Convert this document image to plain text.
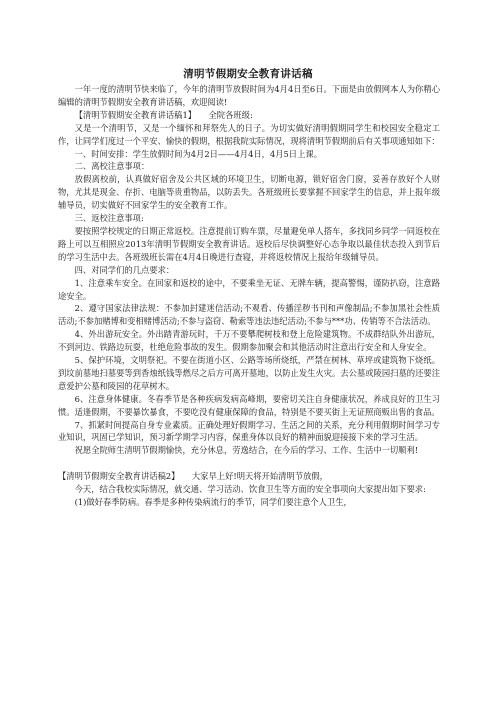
清明节假期安全教育讲话稿

一年一度的清明节快来临了，今年的清明节放假时间为4月4日至6日。下面是由放假网本人为你精心编辑的清明节假期安全教育讲话稿，欢迎阅读!

【清明节假期安全教育讲话稿1】　　全院各班级:

又是一个清明节，又是一个缅怀和拜祭先人的日子。为切实做好清明假期同学生和校园安全稳定工作，让同学们度过一个平安、愉快的假期，根据我院实际情况，现将清明节假期前后有关事项通知如下：

一、时间安排：学生放假时间为4月2日——4月4日，4月5日上课。

二、离校注意事项：

放假离校前，认真做好宿舍及公共区域的环境卫生，切断电源，锁好宿舍门窗，妥善存放好个人财物，尤其是现金、存折、电脑等贵重物品，以防丢失。各班级班长要掌握不回家学生的信息，并上报年级辅导员，切实做好不回家学生的安全教育工作。

三、返校注意事项:

要按照学校规定的日期正常返校。注意提前订购车票，尽量避免单人搭车，多找同乡同学一同返校在路上可以互相照应2013年清明节假期安全教育讲话。返校后尽快调整好心态争取以最佳状态投入到节后的学习生活中去。各班级班长需在4月4日晚进行查寝，并将返校情况上报给年级辅导员。

四、对同学们的几点要求：

1、注意乘车安全。在回家和返校的途中，不要乘坐无证、无牌车辆，提高警惕，谨防扒窃，注意路途安全。

2、遵守国家法律法规：不参加封建迷信活动;不观看、传播淫秽书刊和声像制品;不参加黑社会性质活动;不参加赌博和变相赌博活动;不参与盗窃、勒索等违法违纪活动;不参与***功、传销等不合法活动。

4、外出游玩安全。外出踏青游玩时，千万不要攀爬树枝和登上危险建筑物。不成群结队外出游玩，不到河边、铁路边玩耍，杜绝危险事故的发生。假期参加聚会和其他活动时注意出行安全和人身安全。

5、保护环境，文明祭祀。不要在街道小区、公路等场所烧纸，严禁在树林、草坪或建筑物下烧纸。到坟前墓地扫墓要等到香烛纸钱等燃尽之后方可离开墓地，以防止发生火灾。去公墓或陵园扫墓的还要注意爱护公墓和陵园的花草树木。

6、注意身体健康。冬春季节是各种疾病发病高峰期，要密切关注自身健康状况，养成良好的卫生习惯。适逢假期，不要暴饮暴食，不要吃没有健康保障的食品，特别是不要买街上无证照商贩出售的食品。

7、抓紧时间提高自身专业素质。正确处理好假期学习、生活之间的关系，充分利用假期时间学习专业知识，巩固已学知识，预习新学期学习内容，保重身体以良好的精神面貌迎接接下来的学习生活。

祝愿全院师生清明节假期愉快，充分休息，劳逸结合，在今后的学习、工作、生活中一切顺利!

【清明节假期安全教育讲话稿2】　　大家早上好!明天将开始清明节放假，

今天，结合我校实际情况，就交通、学习活动、饮食卫生等方面的安全事项向大家提出如下要求:

(1)做好春季防病。春季是多种传染病流行的季节，同学们要注意个人卫生，
